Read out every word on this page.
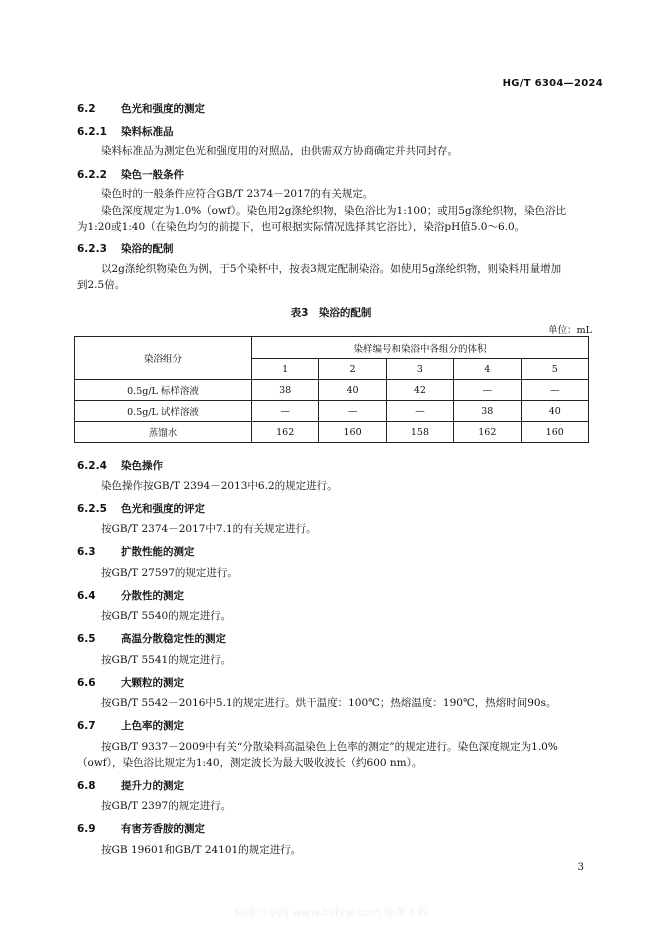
HG/T 6304—2024
6.2 色光和强度的测定
6.2.1 染料标准品
染料标准品为测定色光和强度用的对照品，由供需双方协商确定并共同封存。
6.2.2 染色一般条件
染色时的一般条件应符合GB/T 2374－2017的有关规定。
染色深度规定为1.0%（owf）。染色用2g涤纶织物，染色浴比为1:100；或用5g涤纶织物，染色浴比
为1:20或1:40（在染色均匀的前提下，也可根据实际情况选择其它浴比），染浴pH值5.0～6.0。
6.2.3 染浴的配制
以2g涤纶织物染色为例，于5个染杯中，按表3规定配制染浴。如使用5g涤纶织物，则染料用量增加
到2.5倍。
表3　染浴的配制
单位：mL
染浴组分	染样编号和染浴中各组分的体积				
	1	2	3	4	5
0.5g/L 标样溶液	38	40	42	—	—
0.5g/L 试样溶液	—	—	—	38	40
蒸馏水	162	160	158	162	160
6.2.4 染色操作
染色操作按GB/T 2394－2013中6.2的规定进行。
6.2.5 色光和强度的评定
按GB/T 2374－2017中7.1的有关规定进行。
6.3 扩散性能的测定
按GB/T 27597的规定进行。
6.4 分散性的测定
按GB/T 5540的规定进行。
6.5 高温分散稳定性的测定
按GB/T 5541的规定进行。
6.6 大颗粒的测定
按GB/T 5542－2016中5.1的规定进行。烘干温度：100℃；热熔温度：190℃，热熔时间90s。
6.7 上色率的测定
按GB/T 9337－2009中有关“分散染料高温染色上色率的测定”的规定进行。染色深度规定为1.0%
（owf），染色浴比规定为1:40，测定波长为最大吸收波长（约600 nm）。
6.8 提升力的测定
按GB/T 2397的规定进行。
6.9 有害芳香胺的测定
按GB 19601和GB/T 24101的规定进行。
3
标准分享网 www.bzfxw.com 免费下载
